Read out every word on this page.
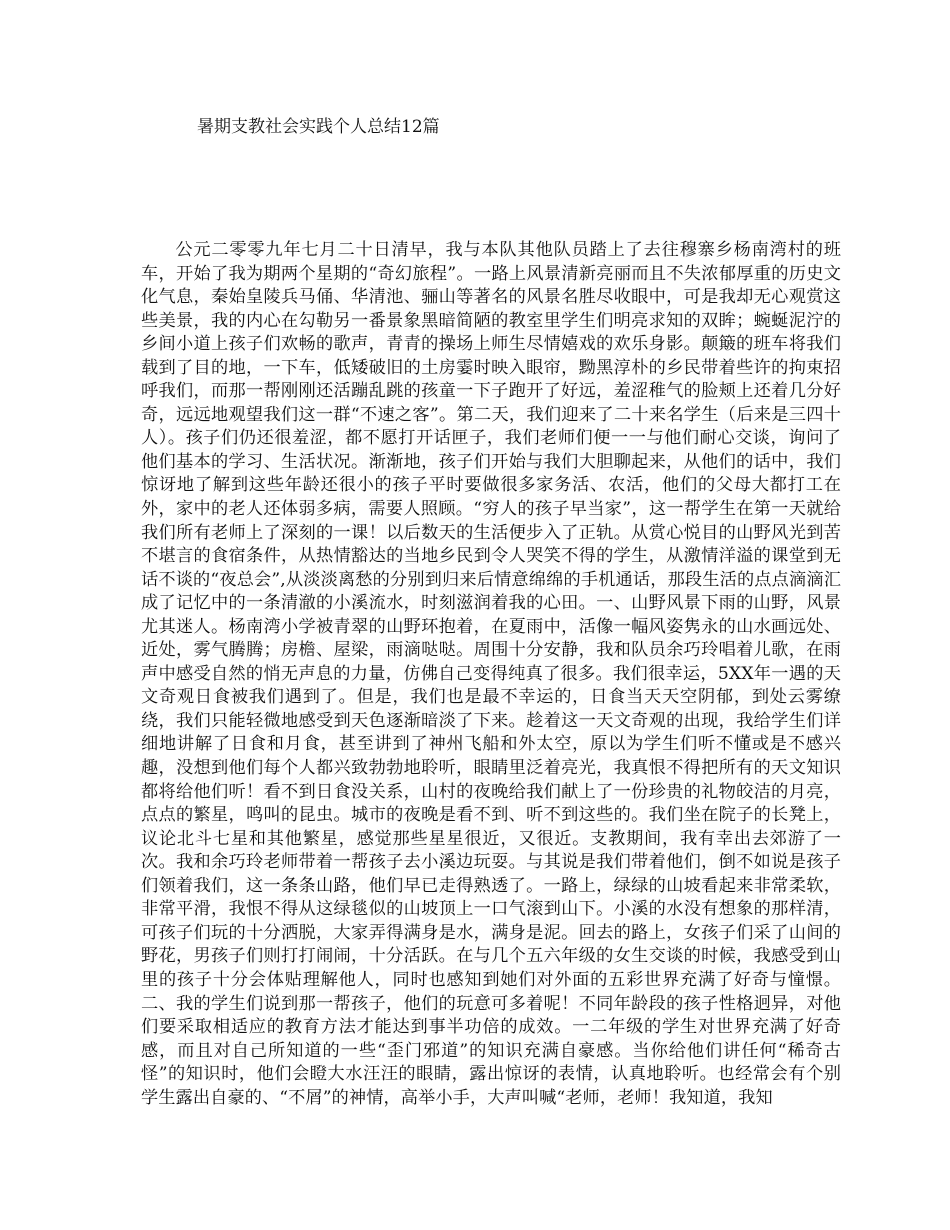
暑期支教社会实践个人总结12篇

公元二零零九年七月二十日清早，我与本队其他队员踏上了去往穆寨乡杨南湾村的班车，开始了我为期两个星期的“奇幻旅程”。一路上风景清新亮丽而且不失浓郁厚重的历史文化气息，秦始皇陵兵马俑、华清池、骊山等著名的风景名胜尽收眼中，可是我却无心观赏这些美景，我的内心在勾勒另一番景象黑暗简陋的教室里学生们明亮求知的双眸；蜿蜒泥泞的乡间小道上孩子们欢畅的歌声，青青的操场上师生尽情嬉戏的欢乐身影。颠簸的班车将我们载到了目的地，一下车，低矮破旧的土房霎时映入眼帘，黝黑淳朴的乡民带着些许的拘束招呼我们，而那一帮刚刚还活蹦乱跳的孩童一下子跑开了好远，羞涩稚气的脸颊上还着几分好奇，远远地观望我们这一群“不速之客”。第二天，我们迎来了二十来名学生（后来是三四十人）。孩子们仍还很羞涩，都不愿打开话匣子，我们老师们便一一与他们耐心交谈，询问了他们基本的学习、生活状况。渐渐地，孩子们开始与我们大胆聊起来，从他们的话中，我们惊讶地了解到这些年龄还很小的孩子平时要做很多家务活、农活，他们的父母大都打工在外，家中的老人还体弱多病，需要人照顾。“穷人的孩子早当家”，这一帮学生在第一天就给我们所有老师上了深刻的一课！以后数天的生活便步入了正轨。从赏心悦目的山野风光到苦不堪言的食宿条件，从热情豁达的当地乡民到令人哭笑不得的学生，从激情洋溢的课堂到无话不谈的“夜总会”,从淡淡离愁的分别到归来后情意绵绵的手机通话，那段生活的点点滴滴汇成了记忆中的一条清澈的小溪流水，时刻滋润着我的心田。一、山野风景下雨的山野，风景尤其迷人。杨南湾小学被青翠的山野环抱着，在夏雨中，活像一幅风姿隽永的山水画远处、近处，雾气腾腾；房檐、屋梁，雨滴哒哒。周围十分安静，我和队员余巧玲唱着儿歌，在雨声中感受自然的悄无声息的力量，仿佛自己变得纯真了很多。我们很幸运，5XX年一遇的天文奇观日食被我们遇到了。但是，我们也是最不幸运的，日食当天天空阴郁，到处云雾缭绕，我们只能轻微地感受到天色逐渐暗淡了下来。趁着这一天文奇观的出现，我给学生们详细地讲解了日食和月食，甚至讲到了神州飞船和外太空，原以为学生们听不懂或是不感兴趣，没想到他们每个人都兴致勃勃地聆听，眼睛里泛着亮光，我真恨不得把所有的天文知识都将给他们听！看不到日食没关系，山村的夜晚给我们献上了一份珍贵的礼物皎洁的月亮，点点的繁星，鸣叫的昆虫。城市的夜晚是看不到、听不到这些的。我们坐在院子的长凳上，议论北斗七星和其他繁星，感觉那些星星很近，又很近。支教期间，我有幸出去郊游了一次。我和余巧玲老师带着一帮孩子去小溪边玩耍。与其说是我们带着他们，倒不如说是孩子们领着我们，这一条条山路，他们早已走得熟透了。一路上，绿绿的山坡看起来非常柔软，非常平滑，我恨不得从这绿毯似的山坡顶上一口气滚到山下。小溪的水没有想象的那样清，可孩子们玩的十分洒脱，大家弄得满身是水，满身是泥。回去的路上，女孩子们采了山间的野花，男孩子们则打打闹闹，十分活跃。在与几个五六年级的女生交谈的时候，我感受到山里的孩子十分会体贴理解他人，同时也感知到她们对外面的五彩世界充满了好奇与憧憬。二、我的学生们说到那一帮孩子，他们的玩意可多着呢！不同年龄段的孩子性格迥异，对他们要采取相适应的教育方法才能达到事半功倍的成效。一二年级的学生对世界充满了好奇感，而且对自己所知道的一些“歪门邪道”的知识充满自豪感。当你给他们讲任何“稀奇古怪”的知识时，他们会瞪大水汪汪的眼睛，露出惊讶的表情，认真地聆听。也经常会有个别学生露出自豪的、“不屑”的神情，高举小手，大声叫喊“老师，老师！我知道，我知
